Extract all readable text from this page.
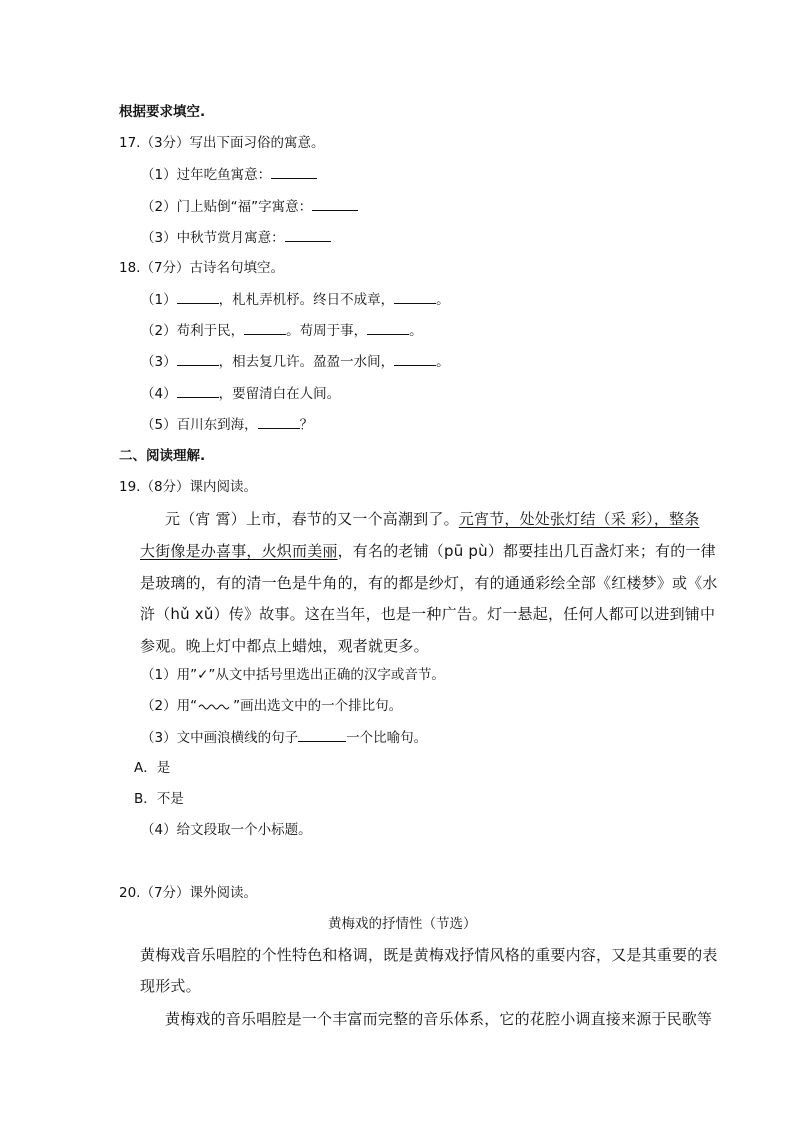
根据要求填空.
17.（3分）写出下面习俗的寓意。
（1）过年吃鱼寓意：
（2）门上贴倒“福”字寓意：
（3）中秋节赏月寓意：
18.（7分）古诗名句填空。
（1）	，札札弄机杼。终日不成章，	。
（2）苟利于民，	。苟周于事，	。
（3）	，相去复几许。盈盈一水间，	。
（4）	，要留清白在人间。
（5）百川东到海，	？
二、阅读理解.
19.（8分）课内阅读。
元（宵 霄）上市，春节的又一个高潮到了。元宵节，处处张灯结（采 彩），整条
大街像是办喜事，火炽而美丽，有名的老铺（pū pù）都要挂出几百盏灯来；有的一律
是玻璃的，有的清一色是牛角的，有的都是纱灯，有的通通彩绘全部《红楼梦》或《水
浒（hǔ xǔ）传》故事。这在当年，也是一种广告。灯一悬起，任何人都可以进到铺中
参观。晚上灯中都点上蜡烛，观者就更多。
（1）用”✓”从文中括号里选出正确的汉字或音节。
（2）用“	”画出选文中的一个排比句。
（3）文中画浪横线的句子	一个比喻句。
A．是
B．不是
（4）给文段取一个小标题。
20.（7分）课外阅读。
黄梅戏的抒情性（节选）
黄梅戏音乐唱腔的个性特色和格调，既是黄梅戏抒情风格的重要内容，又是其重要的表
现形式。
黄梅戏的音乐唱腔是一个丰富而完整的音乐体系，它的花腔小调直接来源于民歌等
